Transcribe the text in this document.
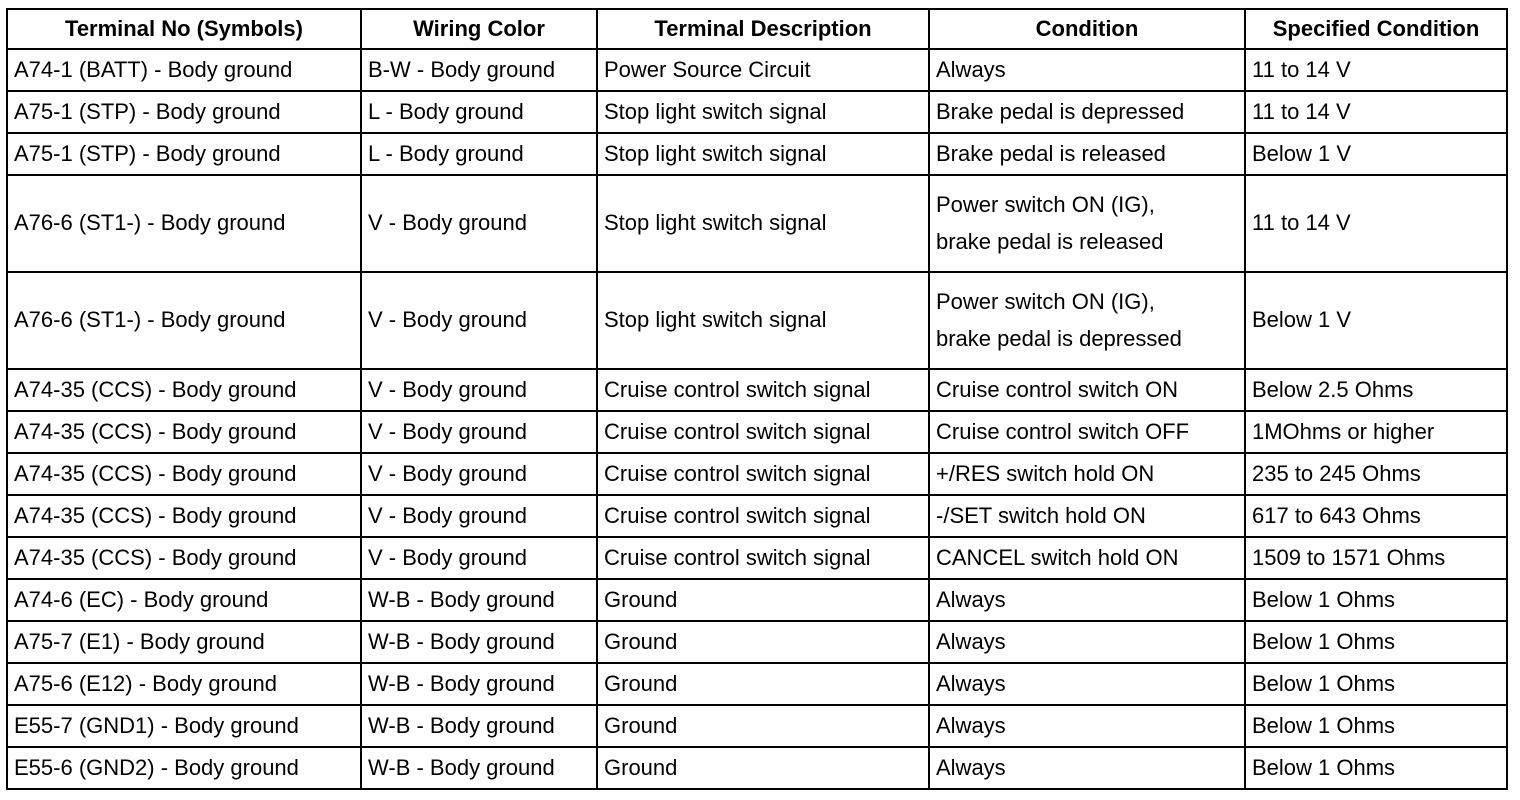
Terminal No (Symbols)	Wiring Color	Terminal Description	Condition	Specified Condition
A74-1 (BATT) - Body ground	B-W - Body ground	Power Source Circuit	Always	11 to 14 V
A75-1 (STP) - Body ground	L - Body ground	Stop light switch signal	Brake pedal is depressed	11 to 14 V
A75-1 (STP) - Body ground	L - Body ground	Stop light switch signal	Brake pedal is released	Below 1 V
A76-6 (ST1-) - Body ground	V - Body ground	Stop light switch signal	Power switch ON (IG),
brake pedal is released	11 to 14 V
A76-6 (ST1-) - Body ground	V - Body ground	Stop light switch signal	Power switch ON (IG),
brake pedal is depressed	Below 1 V
A74-35 (CCS) - Body ground	V - Body ground	Cruise control switch signal	Cruise control switch ON	Below 2.5 Ohms
A74-35 (CCS) - Body ground	V - Body ground	Cruise control switch signal	Cruise control switch OFF	1MOhms or higher
A74-35 (CCS) - Body ground	V - Body ground	Cruise control switch signal	+/RES switch hold ON	235 to 245 Ohms
A74-35 (CCS) - Body ground	V - Body ground	Cruise control switch signal	-/SET switch hold ON	617 to 643 Ohms
A74-35 (CCS) - Body ground	V - Body ground	Cruise control switch signal	CANCEL switch hold ON	1509 to 1571 Ohms
A74-6 (EC) - Body ground	W-B - Body ground	Ground	Always	Below 1 Ohms
A75-7 (E1) - Body ground	W-B - Body ground	Ground	Always	Below 1 Ohms
A75-6 (E12) - Body ground	W-B - Body ground	Ground	Always	Below 1 Ohms
E55-7 (GND1) - Body ground	W-B - Body ground	Ground	Always	Below 1 Ohms
E55-6 (GND2) - Body ground	W-B - Body ground	Ground	Always	Below 1 Ohms
